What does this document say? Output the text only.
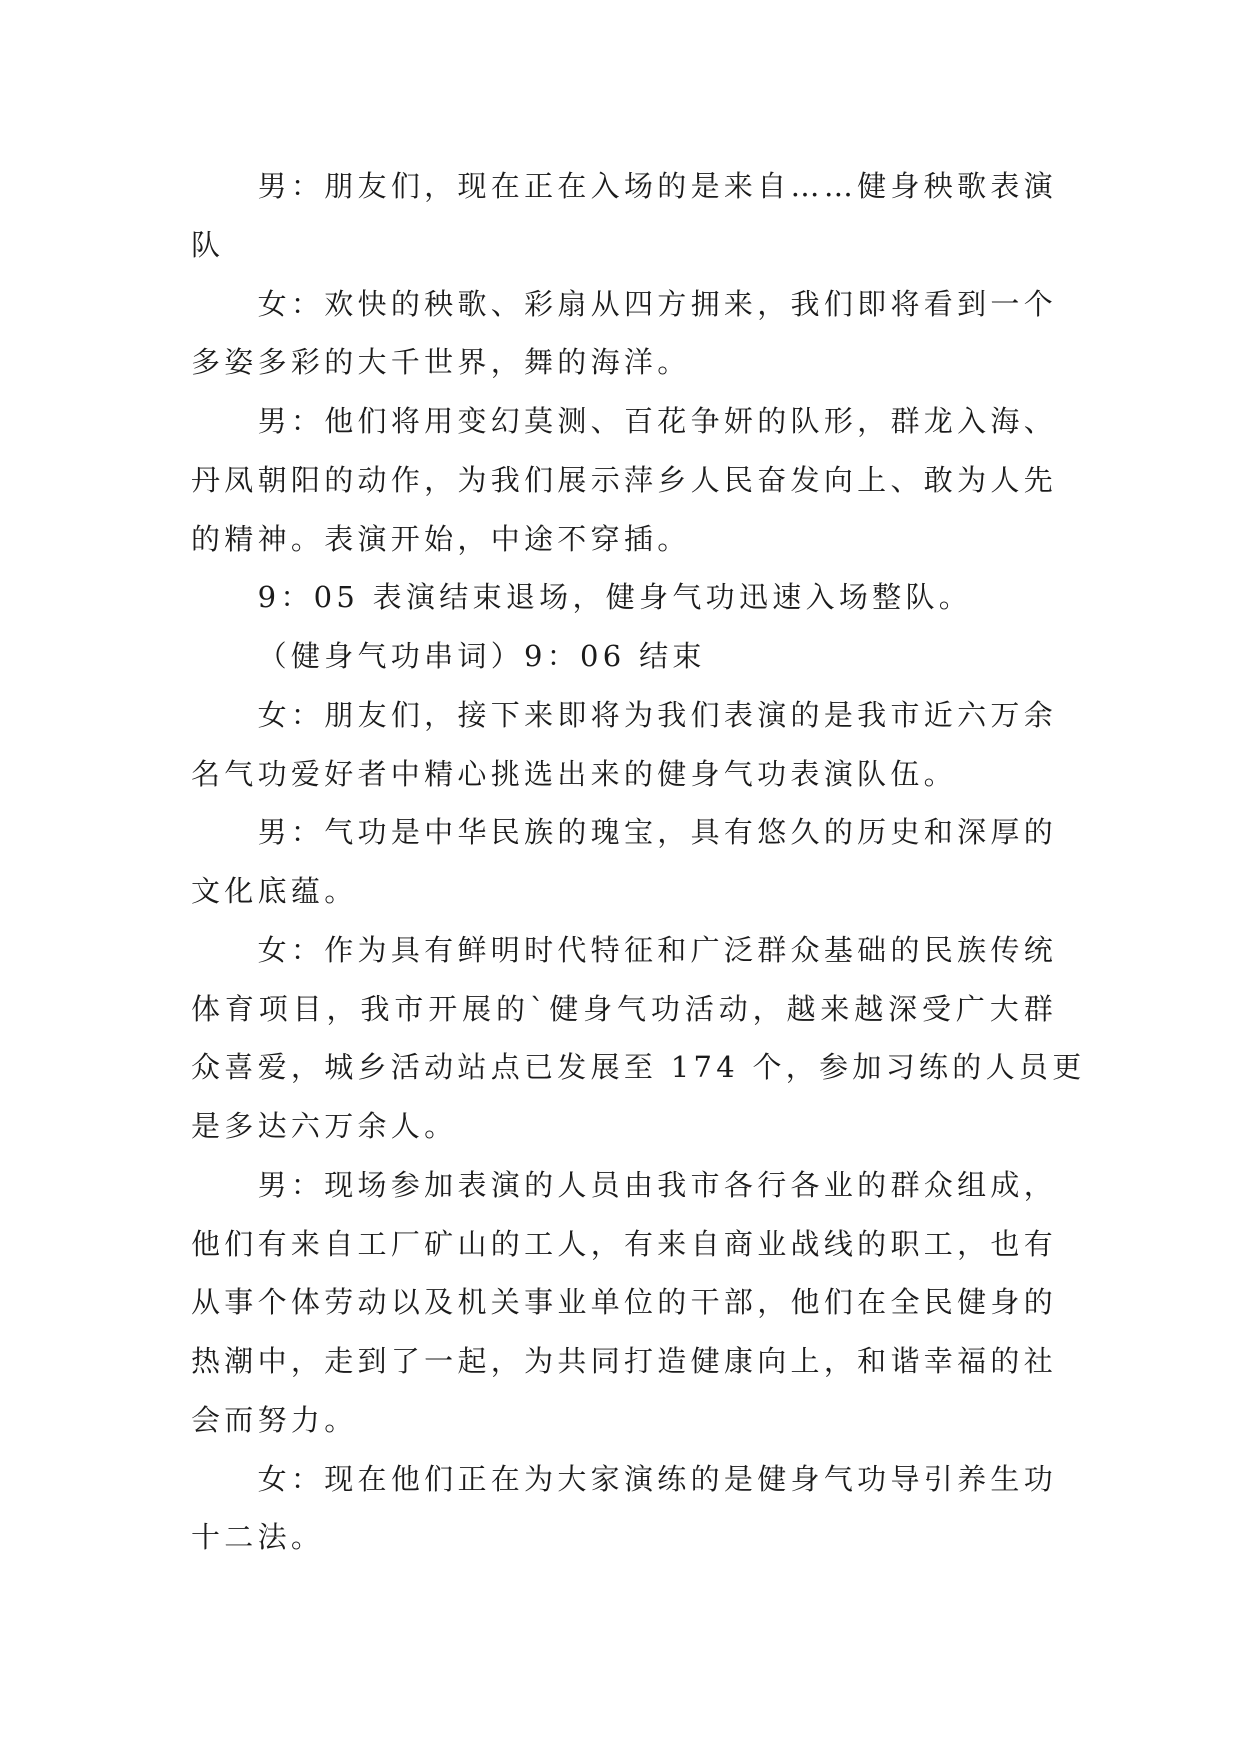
男：朋友们，现在正在入场的是来自……健身秧歌表演
队
女：欢快的秧歌、彩扇从四方拥来，我们即将看到一个
多姿多彩的大千世界，舞的海洋。
男：他们将用变幻莫测、百花争妍的队形，群龙入海、
丹凤朝阳的动作，为我们展示萍乡人民奋发向上、敢为人先
的精神。表演开始，中途不穿插。
9：05 表演结束退场，健身气功迅速入场整队。
（健身气功串词）9：06 结束
女：朋友们，接下来即将为我们表演的是我市近六万余
名气功爱好者中精心挑选出来的健身气功表演队伍。
男：气功是中华民族的瑰宝，具有悠久的历史和深厚的
文化底蕴。
女：作为具有鲜明时代特征和广泛群众基础的民族传统
体育项目，我市开展的`健身气功活动，越来越深受广大群
众喜爱，城乡活动站点已发展至 174 个，参加习练的人员更
是多达六万余人。
男：现场参加表演的人员由我市各行各业的群众组成，
他们有来自工厂矿山的工人，有来自商业战线的职工，也有
从事个体劳动以及机关事业单位的干部，他们在全民健身的
热潮中，走到了一起，为共同打造健康向上，和谐幸福的社
会而努力。
女：现在他们正在为大家演练的是健身气功导引养生功
十二法。
